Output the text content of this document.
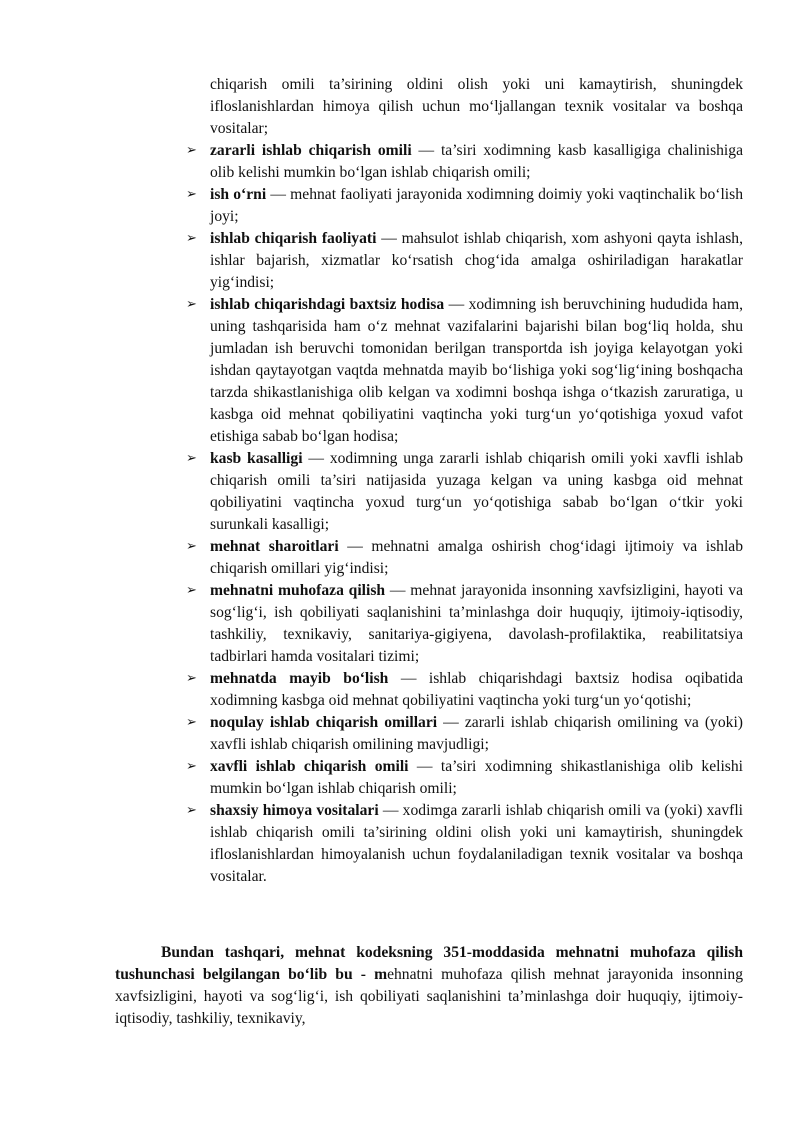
chiqarish omili ta’sirining oldini olish yoki uni kamaytirish, shuningdek ifloslanishlardan himoya qilish uchun mo‘ljallangan texnik vositalar va boshqa vositalar;
➢ zararli ishlab chiqarish omili — ta’siri xodimning kasb kasalligiga chalinishiga olib kelishi mumkin bo‘lgan ishlab chiqarish omili;
➢ ish o‘rni — mehnat faoliyati jarayonida xodimning doimiy yoki vaqtinchalik bo‘lish joyi;
➢ ishlab chiqarish faoliyati — mahsulot ishlab chiqarish, xom ashyoni qayta ishlash, ishlar bajarish, xizmatlar ko‘rsatish chog‘ida amalga oshiriladigan harakatlar yig‘indisi;
➢ ishlab chiqarishdagi baxtsiz hodisa — xodimning ish beruvchining hududida ham, uning tashqarisida ham o‘z mehnat vazifalarini bajarishi bilan bog‘liq holda, shu jumladan ish beruvchi tomonidan berilgan transportda ish joyiga kelayotgan yoki ishdan qaytayotgan vaqtda mehnatda mayib bo‘lishiga yoki sog‘lig‘ining boshqacha tarzda shikastlanishiga olib kelgan va xodimni boshqa ishga o‘tkazish zaruratiga, u kasbga oid mehnat qobiliyatini vaqtincha yoki turg‘un yo‘qotishiga yoxud vafot etishiga sabab bo‘lgan hodisa;
➢ kasb kasalligi — xodimning unga zararli ishlab chiqarish omili yoki xavfli ishlab chiqarish omili ta’siri natijasida yuzaga kelgan va uning kasbga oid mehnat qobiliyatini vaqtincha yoxud turg‘un yo‘qotishiga sabab bo‘lgan o‘tkir yoki surunkali kasalligi;
➢ mehnat sharoitlari — mehnatni amalga oshirish chog‘idagi ijtimoiy va ishlab chiqarish omillari yig‘indisi;
➢ mehnatni muhofaza qilish — mehnat jarayonida insonning xavfsizligini, hayoti va sog‘lig‘i, ish qobiliyati saqlanishini ta’minlashga doir huquqiy, ijtimoiy-iqtisodiy, tashkiliy, texnikaviy, sanitariya-gigiyena, davolash-profilaktika, reabilitatsiya tadbirlari hamda vositalari tizimi;
➢ mehnatda mayib bo‘lish — ishlab chiqarishdagi baxtsiz hodisa oqibatida xodimning kasbga oid mehnat qobiliyatini vaqtincha yoki turg‘un yo‘qotishi;
➢ noqulay ishlab chiqarish omillari — zararli ishlab chiqarish omilining va (yoki) xavfli ishlab chiqarish omilining mavjudligi;
➢ xavfli ishlab chiqarish omili — ta’siri xodimning shikastlanishiga olib kelishi mumkin bo‘lgan ishlab chiqarish omili;
➢ shaxsiy himoya vositalari — xodimga zararli ishlab chiqarish omili va (yoki) xavfli ishlab chiqarish omili ta’sirining oldini olish yoki uni kamaytirish, shuningdek ifloslanishlardan himoyalanish uchun foydalaniladigan texnik vositalar va boshqa vositalar.

Bundan tashqari, mehnat kodeksning 351-moddasida mehnatni muhofaza qilish tushunchasi belgilangan bo‘lib bu - mehnatni muhofaza qilish mehnat jarayonida insonning xavfsizligini, hayoti va sog‘lig‘i, ish qobiliyati saqlanishini ta’minlashga doir huquqiy, ijtimoiy-iqtisodiy, tashkiliy, texnikaviy,
